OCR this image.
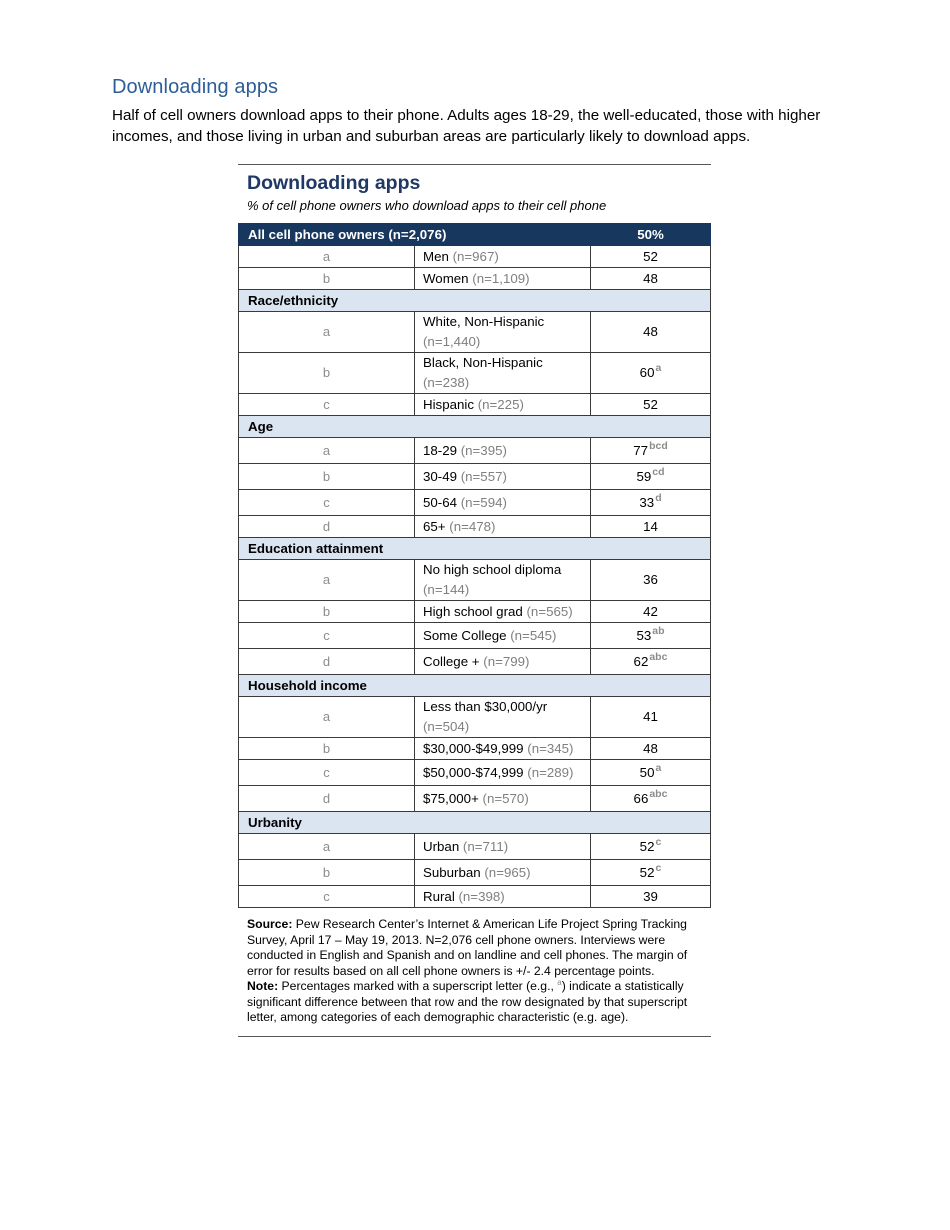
Downloading apps

Half of cell owners download apps to their phone. Adults ages 18-29, the well-educated, those with higher incomes, and those living in urban and suburban areas are particularly likely to download apps.

Downloading apps
% of cell phone owners who download apps to their cell phone
All cell phone owners (n=2,076)		50%
a	Men (n=967)	52
b	Women (n=1,109)	48
Race/ethnicity		
a	White, Non-Hispanic (n=1,440)	48
b	Black, Non-Hispanic (n=238)	60$^a$
c	Hispanic (n=225)	52
Age		
a	18-29 (n=395)	$77^{bcd}$
b	30-49 (n=557)	$59^{cd}$
c	50-64 (n=594)	33$^d$
d	65+ (n=478)	14
Education attainment		
a	No high school diploma (n=144)	36
b	High school grad (n=565)	42
c	Some College (n=545)	$53^{ab}$
d	College + (n=799)	$62^{abc}$
Household income		
a	Less than $30,000/yr (n=504)	41
b	$30,000-$49,999 (n=345)	48
c	$50,000-$74,999 (n=289)	50$^a$
d	$75,000+ (n=570)	$66^{abc}$
Urbanity		
a	Urban (n=711)	52$^c$
b	Suburban (n=965)	52$^c$
c	Rural (n=398)	39

Source: Pew Research Center’s Internet & American Life Project Spring Tracking Survey, April 17 – May 19, 2013. N=2,076 cell phone owners. Interviews were conducted in English and Spanish and on landline and cell phones. The margin of error for results based on all cell phone owners is +/- 2.4 percentage points.

Note: Percentages marked with a superscript letter (e.g., $^a$) indicate a statistically significant difference between that row and the row designated by that superscript letter, among categories of each demographic characteristic (e.g. age).
